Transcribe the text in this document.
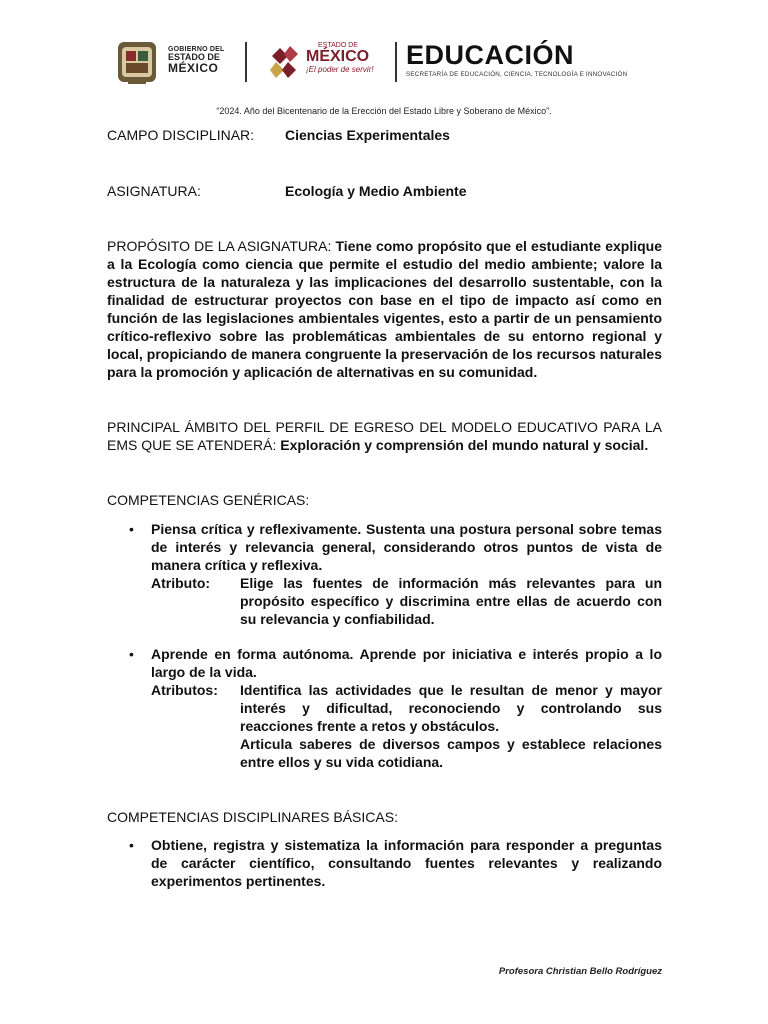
GOBIERNO DEL
ESTADO DE
MÉXICO
ESTADO DE
MÉXICO
¡El poder de servir! EDUCACIÓN
SECRETARÍA DE EDUCACIÓN, CIENCIA, TECNOLOGÍA E INNOVACIÓN
“2024. Año del Bicentenario de la Erección del Estado Libre y Soberano de México”.
CAMPO DISCIPLINAR: Ciencias Experimentales
ASIGNATURA:	Ecología y Medio Ambiente
PROPÓSITO DE LA ASIGNATURA: Tiene como propósito que el estudiante explique a la Ecología como ciencia que permite el estudio del medio ambiente; valore la estructura de la naturaleza y las implicaciones del desarrollo sustentable, con la finalidad de estructurar proyectos con base en el tipo de impacto así como en función de las legislaciones ambientales vigentes, esto a partir de un pensamiento crítico-reflexivo sobre las problemáticas ambientales de su entorno regional y local, propiciando de manera congruente la preservación de los recursos naturales para la promoción y aplicación de alternativas en su comunidad.
PRINCIPAL ÁMBITO DEL PERFIL DE EGRESO DEL MODELO EDUCATIVO PARA LA EMS QUE SE ATENDERÁ: Exploración y comprensión del mundo natural y social.
COMPETENCIAS GENÉRICAS:
• Piensa crítica y reflexivamente. Sustenta una postura personal sobre temas de interés y relevancia general, considerando otros puntos de vista de manera crítica y reflexiva.
Atributo: Elige las fuentes de información más relevantes para un propósito específico y discrimina entre ellas de acuerdo con su relevancia y confiabilidad.
• Aprende en forma autónoma. Aprende por iniciativa e interés propio a lo largo de la vida.
Atributos: Identifica las actividades que le resultan de menor y mayor interés y dificultad, reconociendo y controlando sus reacciones frente a retos y obstáculos.
Articula saberes de diversos campos y establece relaciones entre ellos y su vida cotidiana.
COMPETENCIAS DISCIPLINARES BÁSICAS:
• Obtiene, registra y sistematiza la información para responder a preguntas de carácter científico, consultando fuentes relevantes y realizando experimentos pertinentes.
Profesora Christian Bello Rodríguez
